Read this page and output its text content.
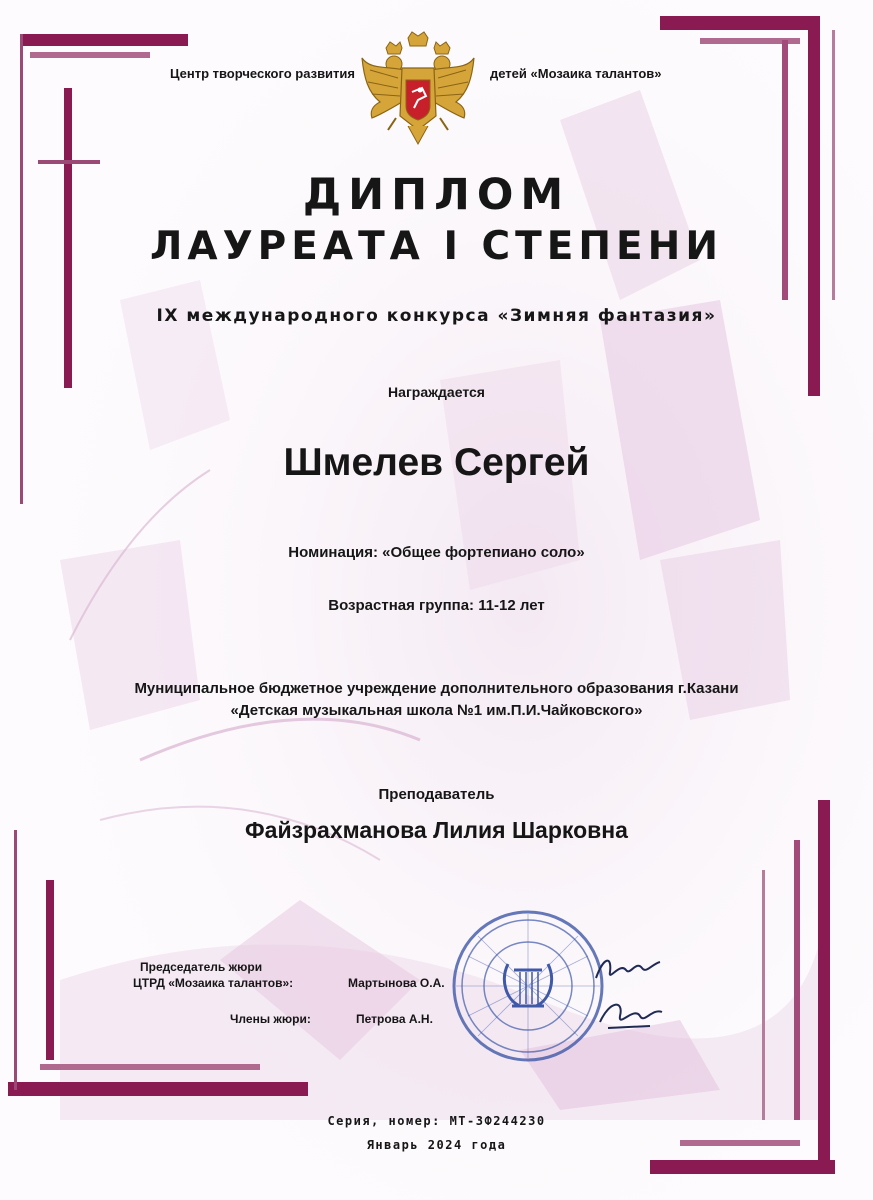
Центр творческого развития	детей «Мозаика талантов»
ДИПЛОМ
ЛАУРЕАТА I СТЕПЕНИ
IX международного конкурса «Зимняя фантазия»
Награждается
Шмелев Сергей
Номинация: «Общее фортепиано соло»
Возрастная группа: 11-12 лет
Муниципальное бюджетное учреждение дополнительного образования г.Казани
«Детская музыкальная школа №1 им.П.И.Чайковского»
Преподаватель
Файзрахманова Лилия Шарковна
Председатель жюри
ЦТРД «Мозаика талантов»:	Мартынова О.А.
Члены жюри:	Петрова А.Н.
Серия, номер: МТ-3Ф244230
Январь 2024 года
